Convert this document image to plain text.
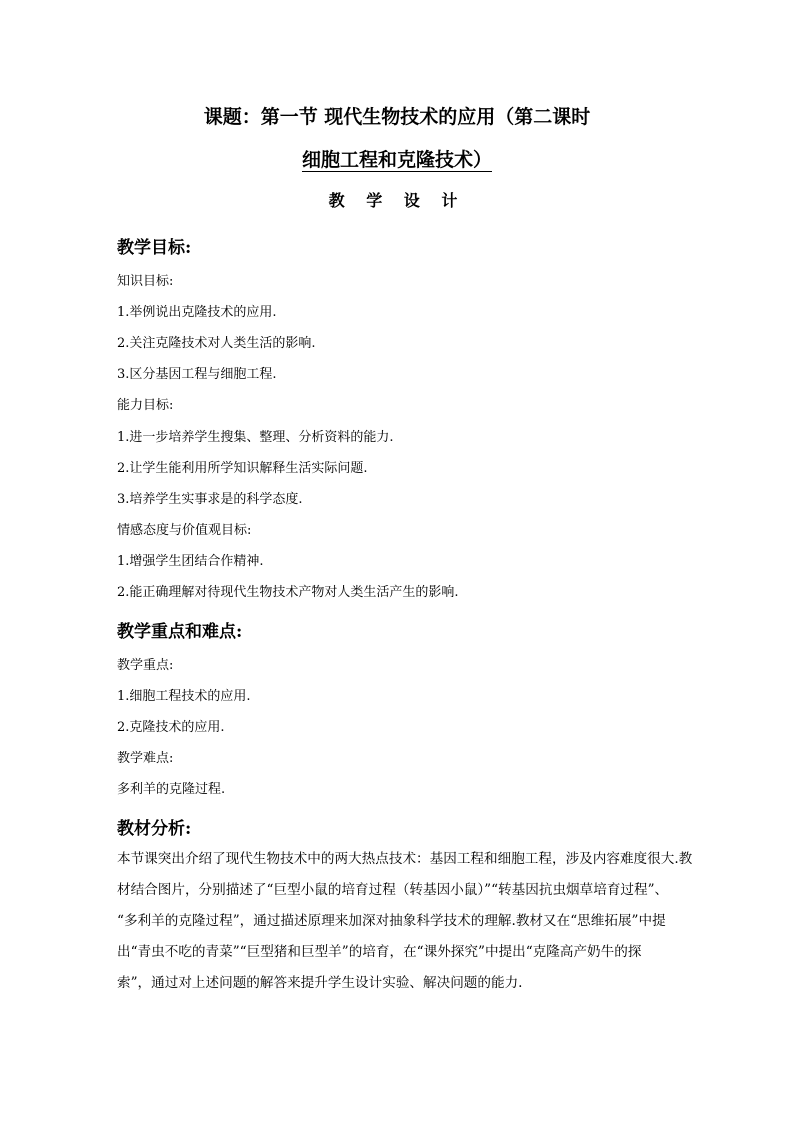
课题：第一节 现代生物技术的应用（第二课时
细胞工程和克隆技术）
教 学 设 计
教学目标:
知识目标:
1.举例说出克隆技术的应用.
2.关注克隆技术对人类生活的影响.
3.区分基因工程与细胞工程.
能力目标:
1.进一步培养学生搜集、整理、分析资料的能力.
2.让学生能利用所学知识解释生活实际问题.
3.培养学生实事求是的科学态度.
情感态度与价值观目标:
1.增强学生团结合作精神.
2.能正确理解对待现代生物技术产物对人类生活产生的影响.
教学重点和难点:
教学重点:
1.细胞工程技术的应用.
2.克隆技术的应用.
教学难点:
多利羊的克隆过程.
教材分析:
本节课突出介绍了现代生物技术中的两大热点技术：基因工程和细胞工程，涉及内容难度很大.教
材结合图片，分别描述了“巨型小鼠的培育过程（转基因小鼠）”“转基因抗虫烟草培育过程”、
“多利羊的克隆过程”，通过描述原理来加深对抽象科学技术的理解.教材又在“思维拓展”中提
出“青虫不吃的青菜”“巨型猪和巨型羊”的培育，在“课外探究”中提出“克隆高产奶牛的探
索”，通过对上述问题的解答来提升学生设计实验、解决问题的能力.
